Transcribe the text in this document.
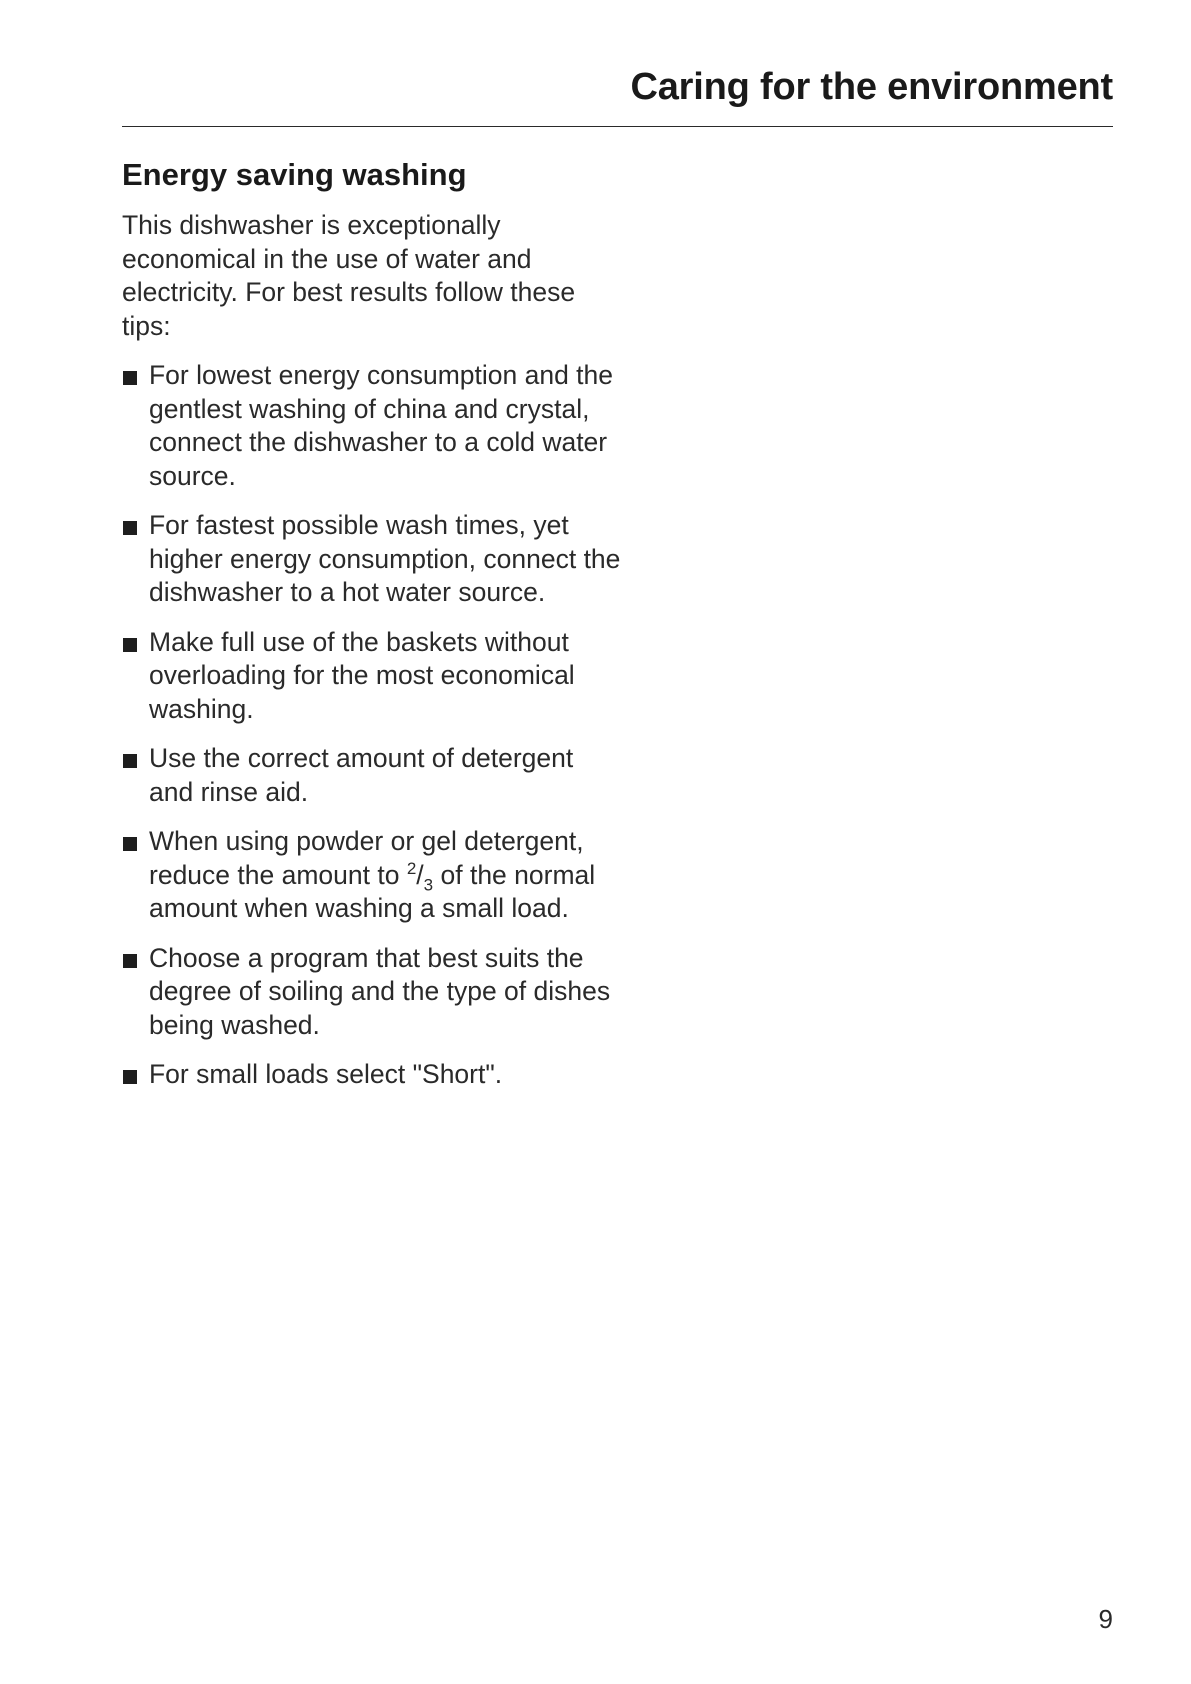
Caring for the environment
Energy saving washing

This dishwasher is exceptionally economical in the use of water and electricity. For best results follow these tips:

For lowest energy consumption and the gentlest washing of china and crystal, connect the dishwasher to a cold water source.
For fastest possible wash times, yet higher energy consumption, connect the dishwasher to a hot water source.
Make full use of the baskets without overloading for the most economical washing.
Use the correct amount of detergent and rinse aid.
When using powder or gel detergent, reduce the amount to $^2/_3$ of the normal amount when washing a small load.
Choose a program that best suits the degree of soiling and the type of dishes being washed.
For small loads select "Short".
9
